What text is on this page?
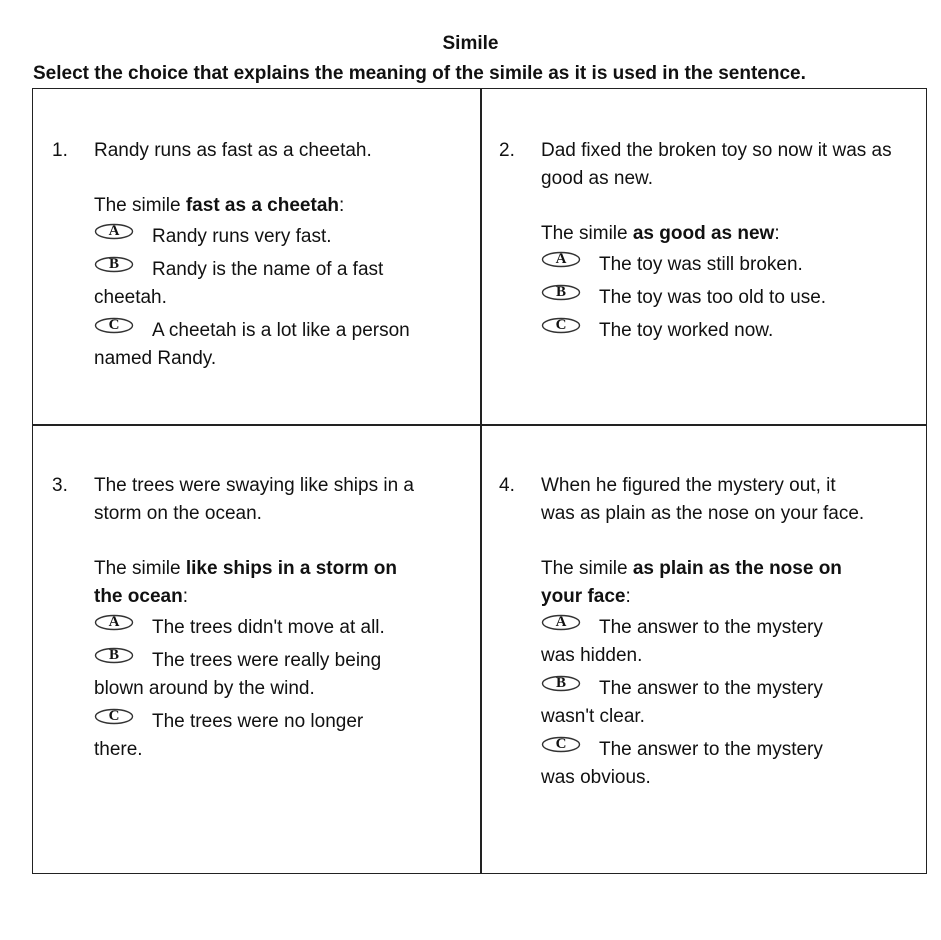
Simile
Select the choice that explains the meaning of the simile as it is used in the sentence.
1.	Randy runs as fast as a cheetah.
The simile fast as a cheetah:
A	Randy runs very fast.
B	Randy is the name of a fast
cheetah.
C	A cheetah is a lot like a person
named Randy.
2.	Dad fixed the broken toy so now it was as good as new.
The simile as good as new:
A	The toy was still broken.
B	The toy was too old to use.
C	The toy worked now.
3.	The trees were swaying like ships in a storm on the ocean.
The simile like ships in a storm on the ocean:
A	The trees didn't move at all.
B	The trees were really being
blown around by the wind.
C	The trees were no longer
there.
4.	When he figured the mystery out, it was as plain as the nose on your face.
The simile as plain as the nose on your face:
A	The answer to the mystery
was hidden.
B	The answer to the mystery
wasn't clear.
C	The answer to the mystery
was obvious.
